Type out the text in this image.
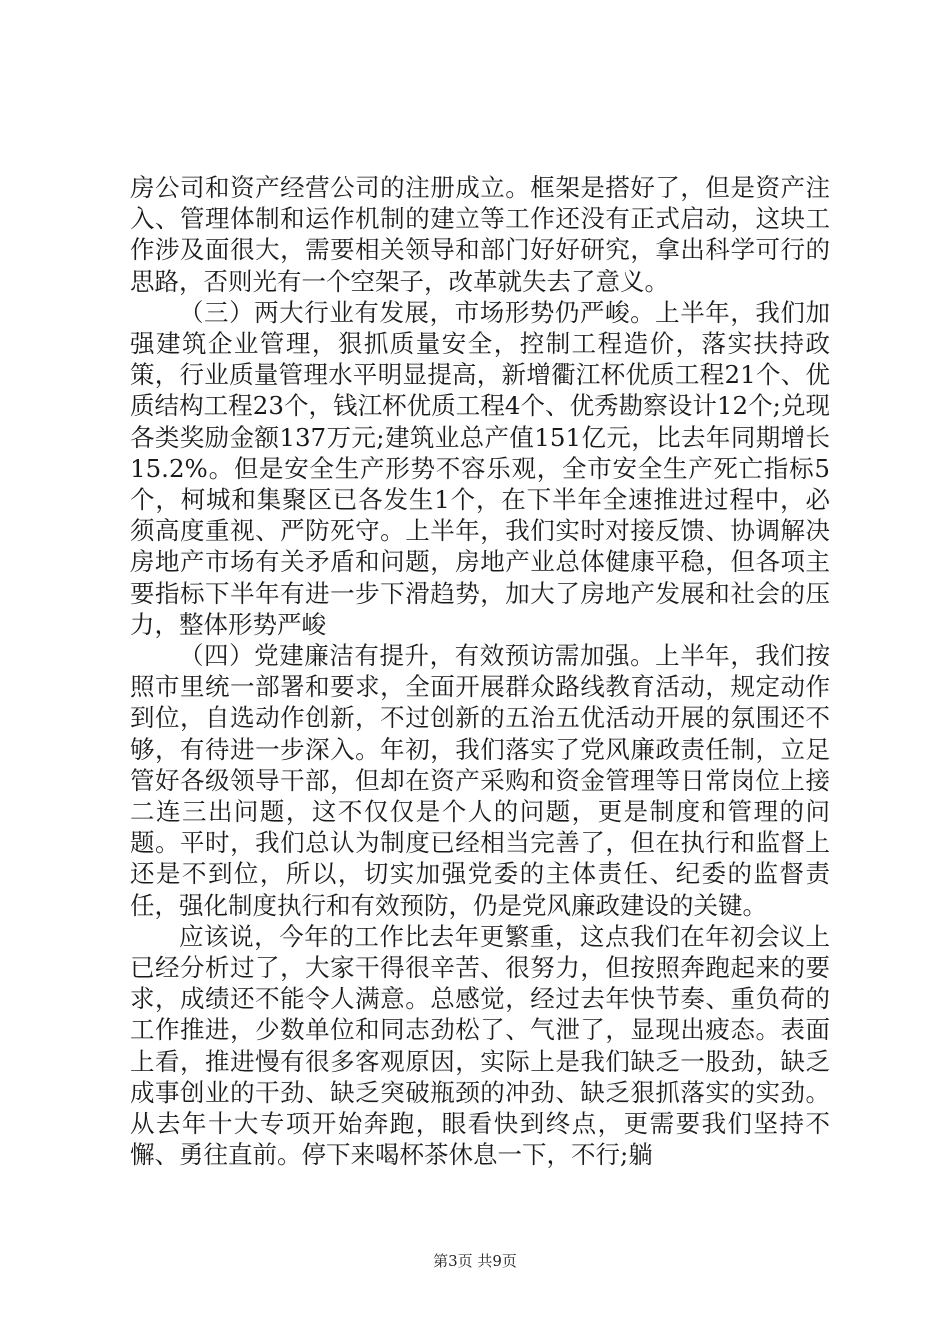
房公司和资产经营公司的注册成立。框架是搭好了，但是资产注入、管理体制和运作机制的建立等工作还没有正式启动，这块工作涉及面很大，需要相关领导和部门好好研究，拿出科学可行的思路，否则光有一个空架子，改革就失去了意义。

（三）两大行业有发展，市场形势仍严峻。上半年，我们加强建筑企业管理，狠抓质量安全，控制工程造价，落实扶持政策，行业质量管理水平明显提高，新增衢江杯优质工程21个、优质结构工程23个，钱江杯优质工程4个、优秀勘察设计12个;兑现各类奖励金额137万元;建筑业总产值151亿元，比去年同期增长15.2%。但是安全生产形势不容乐观，全市安全生产死亡指标5个，柯城和集聚区已各发生1个，在下半年全速推进过程中，必须高度重视、严防死守。上半年，我们实时对接反馈、协调解决房地产市场有关矛盾和问题，房地产业总体健康平稳，但各项主要指标下半年有进一步下滑趋势，加大了房地产发展和社会的压力，整体形势严峻

（四）党建廉洁有提升，有效预访需加强。上半年，我们按照市里统一部署和要求，全面开展群众路线教育活动，规定动作到位，自选动作创新，不过创新的五治五优活动开展的氛围还不够，有待进一步深入。年初，我们落实了党风廉政责任制，立足管好各级领导干部，但却在资产采购和资金管理等日常岗位上接二连三出问题，这不仅仅是个人的问题，更是制度和管理的问题。平时，我们总认为制度已经相当完善了，但在执行和监督上还是不到位，所以，切实加强党委的主体责任、纪委的监督责任，强化制度执行和有效预防，仍是党风廉政建设的关键。

应该说，今年的工作比去年更繁重，这点我们在年初会议上已经分析过了，大家干得很辛苦、很努力，但按照奔跑起来的要求，成绩还不能令人满意。总感觉，经过去年快节奏、重负荷的工作推进，少数单位和同志劲松了、气泄了，显现出疲态。表面上看，推进慢有很多客观原因，实际上是我们缺乏一股劲，缺乏成事创业的干劲、缺乏突破瓶颈的冲劲、缺乏狠抓落实的实劲。从去年十大专项开始奔跑，眼看快到终点，更需要我们坚持不懈、勇往直前。停下来喝杯茶休息一下，不行;躺

第3页 共9页
